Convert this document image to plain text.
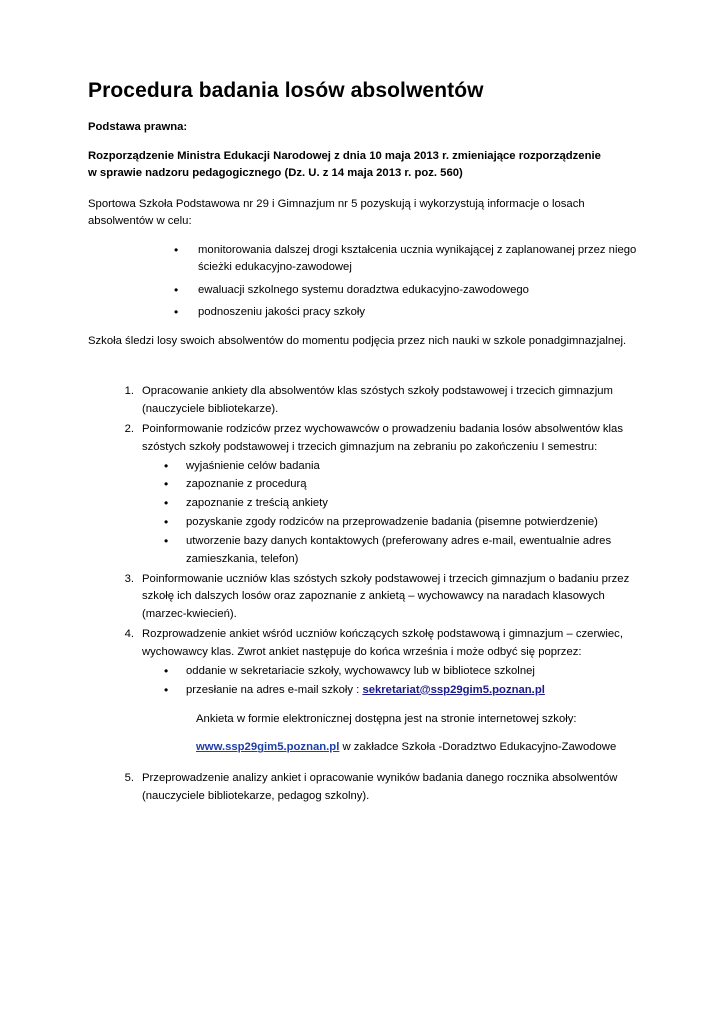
Procedura badania losów absolwentów

Podstawa prawna:

Rozporządzenie Ministra Edukacji Narodowej z dnia 10 maja 2013 r. zmieniające rozporządzenie
w sprawie nadzoru pedagogicznego (Dz. U. z 14 maja 2013 r. poz. 560)

Sportowa Szkoła Podstawowa nr 29 i Gimnazjum nr 5 pozyskują i wykorzystują informacje o losach absolwentów w celu:

• monitorowania dalszej drogi kształcenia ucznia wynikającej z zaplanowanej przez niego ścieżki edukacyjno-zawodowej
• ewaluacji szkolnego systemu doradztwa edukacyjno-zawodowego
• podnoszeniu jakości pracy szkoły

Szkoła śledzi losy swoich absolwentów do momentu podjęcia przez nich nauki w szkole ponadgimnazjalnej.

Opracowanie ankiety dla absolwentów klas szóstych szkoły podstawowej i trzecich gimnazjum (nauczyciele bibliotekarze).
Poinformowanie rodziców przez wychowawców o prowadzeniu badania losów absolwentów klas szóstych szkoły podstawowej i trzecich gimnazjum na zebraniu po zakończeniu I semestru:
• wyjaśnienie celów badania
• zapoznanie z procedurą
• zapoznanie z treścią ankiety
• pozyskanie zgody rodziców na przeprowadzenie badania (pisemne potwierdzenie)
• utworzenie bazy danych kontaktowych (preferowany adres e-mail, ewentualnie adres zamieszkania, telefon)
Poinformowanie uczniów klas szóstych szkoły podstawowej i trzecich gimnazjum o badaniu przez szkołę ich dalszych losów oraz zapoznanie z ankietą – wychowawcy na naradach klasowych (marzec-kwiecień).
Rozprowadzenie ankiet wśród uczniów kończących szkołę podstawową i gimnazjum – czerwiec, wychowawcy klas. Zwrot ankiet następuje do końca września i może odbyć się poprzez:
• oddanie w sekretariacie szkoły, wychowawcy lub w bibliotece szkolnej
• przesłanie na adres e-mail szkoły : sekretariat@ssp29gim5.poznan.pl

Ankieta w formie elektronicznej dostępna jest na stronie internetowej szkoły:

www.ssp29gim5.poznan.pl w zakładce Szkoła -Doradztwo Edukacyjno-Zawodowe

Przeprowadzenie analizy ankiet i opracowanie wyników badania danego rocznika absolwentów (nauczyciele bibliotekarze, pedagog szkolny).
